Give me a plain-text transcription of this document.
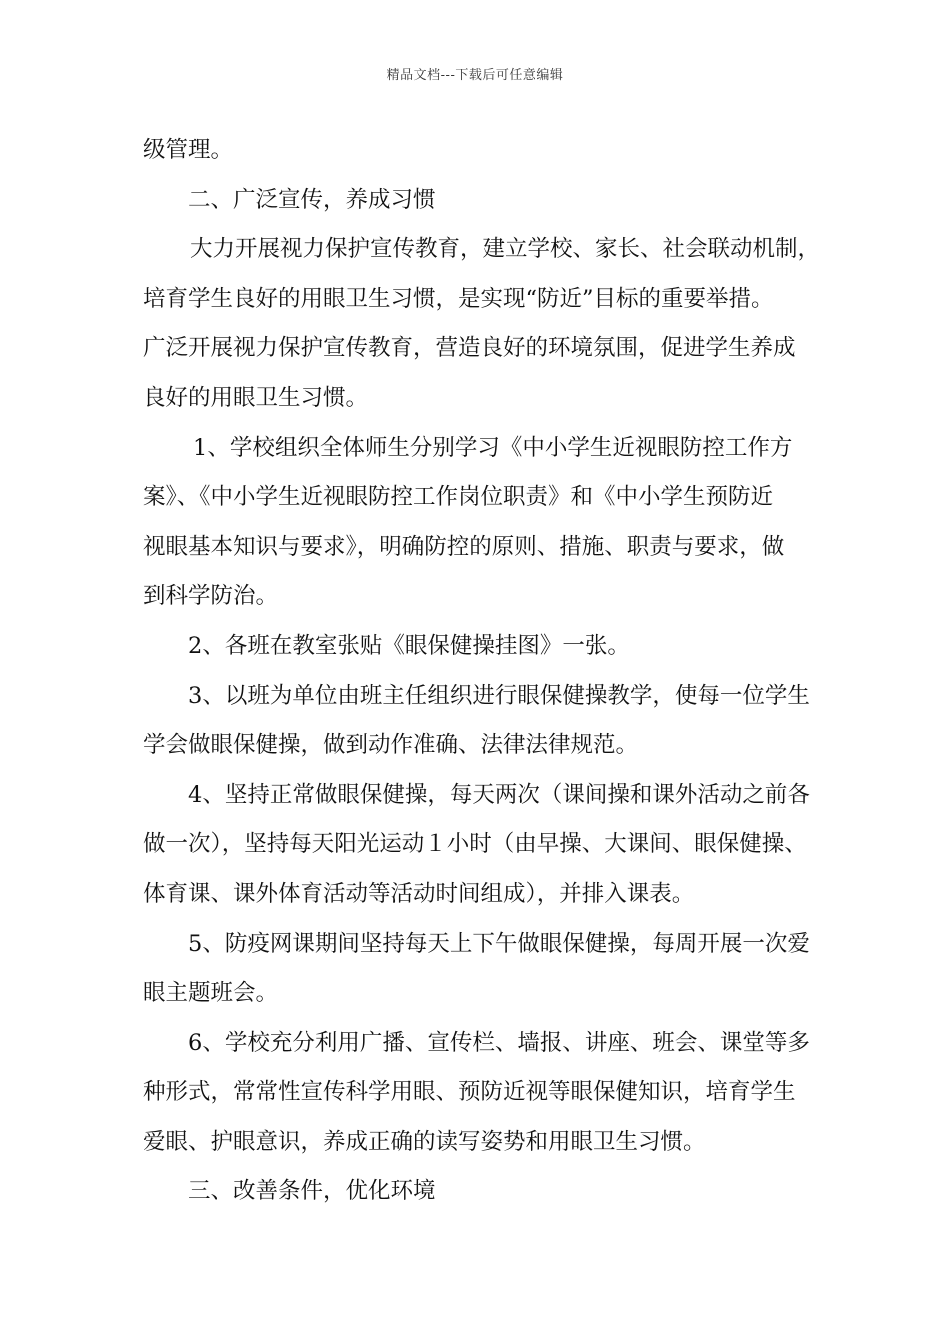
精品文档---下载后可任意编辑
级管理。
二、广泛宣传，养成习惯
大力开展视力保护宣传教育，建立学校、家长、社会联动机制，
培育学生良好的用眼卫生习惯，是实现“防近”目标的重要举措。
广泛开展视力保护宣传教育，营造良好的环境氛围，促进学生养成
良好的用眼卫生习惯。
1、学校组织全体师生分别学习《中小学生近视眼防控工作方
案》、《中小学生近视眼防控工作岗位职责》和《中小学生预防近
视眼基本知识与要求》，明确防控的原则、措施、职责与要求，做
到科学防治。
2、各班在教室张贴《眼保健操挂图》一张。
3、以班为单位由班主任组织进行眼保健操教学，使每一位学生
学会做眼保健操，做到动作准确、法律法律规范。
4、坚持正常做眼保健操，每天两次（课间操和课外活动之前各
做一次），坚持每天阳光运动１小时（由早操、大课间、眼保健操、
体育课、课外体育活动等活动时间组成），并排入课表。
5、防疫网课期间坚持每天上下午做眼保健操，每周开展一次爱
眼主题班会。
6、学校充分利用广播、宣传栏、墙报、讲座、班会、课堂等多
种形式，常常性宣传科学用眼、预防近视等眼保健知识，培育学生
爱眼、护眼意识，养成正确的读写姿势和用眼卫生习惯。
三、改善条件，优化环境
